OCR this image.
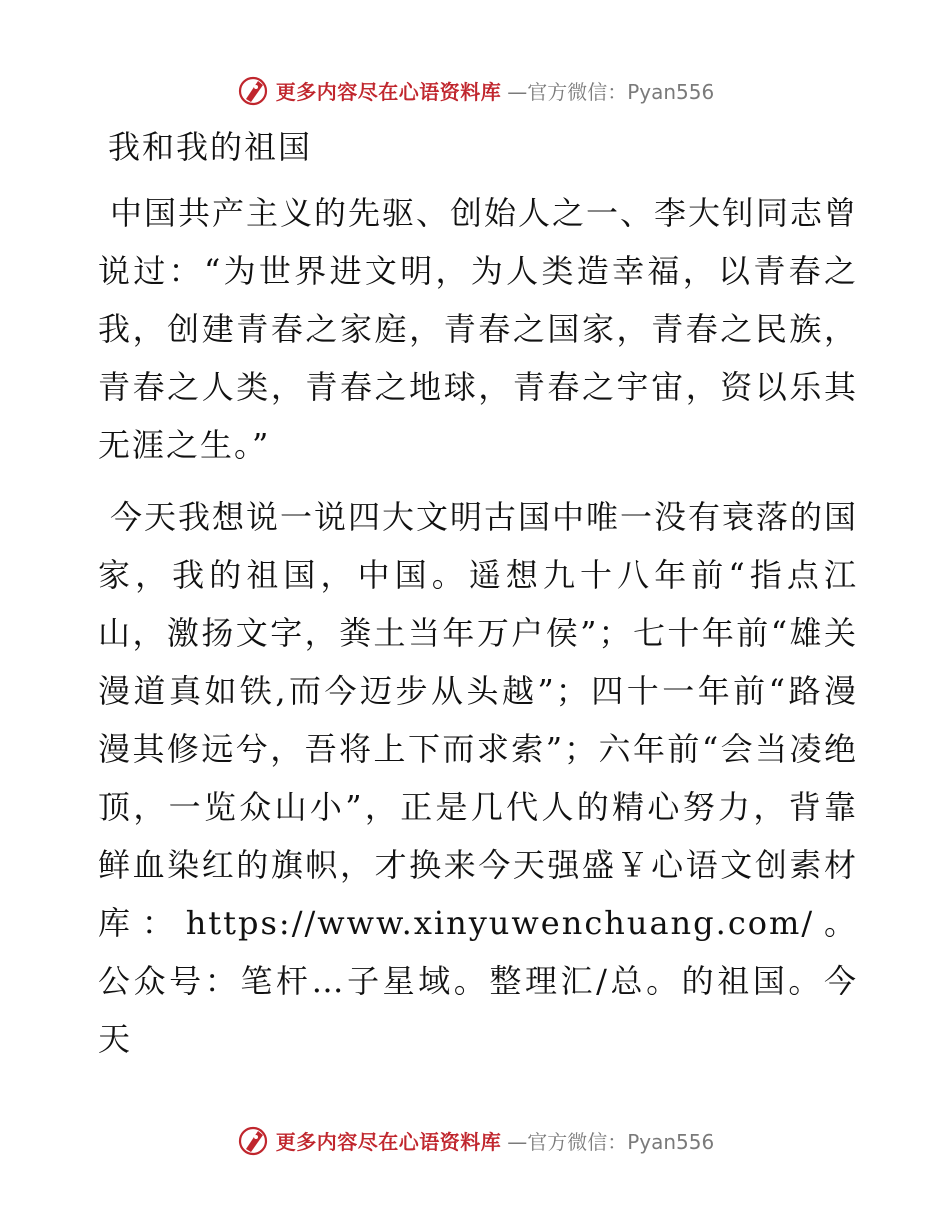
更多内容尽在心语资料库 —官方微信：Pyan556
我和我的祖国

中国共产主义的先驱、创始人之一、李大钊同志曾说过：“为世界进文明，为人类造幸福，以青春之我，创建青春之家庭，青春之国家，青春之民族，青春之人类，青春之地球，青春之宇宙，资以乐其无涯之生。”

今天我想说一说四大文明古国中唯一没有衰落的国家，我的祖国，中国。遥想九十八年前“指点江山，激扬文字，粪土当年万户侯”；七十年前“雄关漫道真如铁,而今迈步从头越”；四十一年前“路漫漫其修远兮，吾将上下而求索”；六年前“会当凌绝顶，一览众山小”，正是几代人的精心努力，背靠鲜血染红的旗帜，才换来今天强盛￥心语文创素材库：https://www.xinyuwenchuang.com/。公众号：笔杆…子星域。整理汇/总。的祖国。今天

更多内容尽在心语资料库 —官方微信：Pyan556
